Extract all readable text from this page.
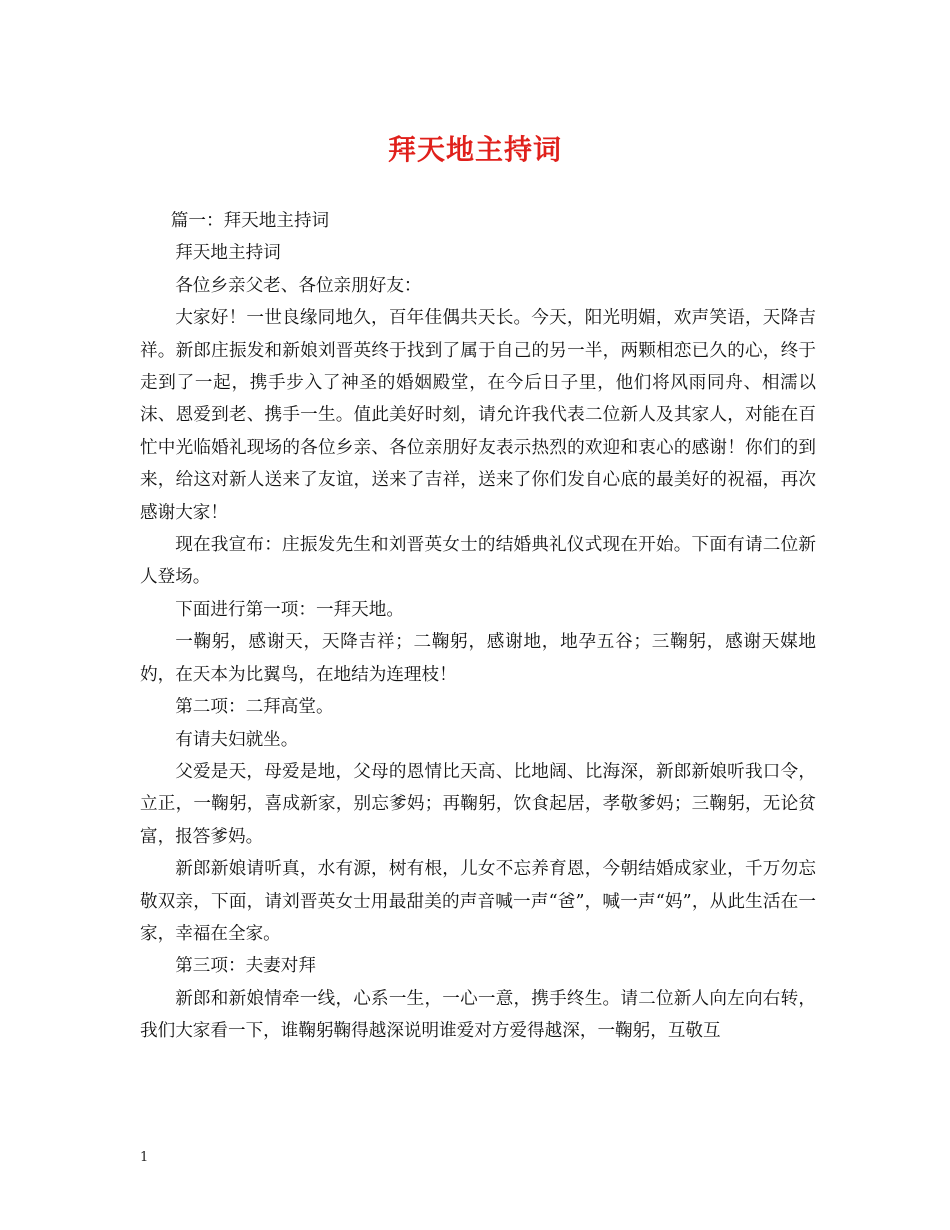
拜天地主持词

篇一：拜天地主持词

拜天地主持词

各位乡亲父老、各位亲朋好友：

大家好！一世良缘同地久，百年佳偶共天长。今天，阳光明媚，欢声笑语，天降吉祥。新郎庄振发和新娘刘晋英终于找到了属于自己的另一半，两颗相恋已久的心，终于走到了一起，携手步入了神圣的婚姻殿堂，在今后日子里，他们将风雨同舟、相濡以沫、恩爱到老、携手一生。值此美好时刻，请允许我代表二位新人及其家人，对能在百忙中光临婚礼现场的各位乡亲、各位亲朋好友表示热烈的欢迎和衷心的感谢！你们的到来，给这对新人送来了友谊，送来了吉祥，送来了你们发自心底的最美好的祝福，再次感谢大家！

现在我宣布：庄振发先生和刘晋英女士的结婚典礼仪式现在开始。下面有请二位新人登场。

下面进行第一项：一拜天地。

一鞠躬，感谢天，天降吉祥；二鞠躬，感谢地，地孕五谷；三鞠躬，感谢天媒地妁，在天本为比翼鸟，在地结为连理枝！

第二项：二拜高堂。

有请夫妇就坐。

父爱是天，母爱是地，父母的恩情比天高、比地阔、比海深，新郎新娘听我口令，立正，一鞠躬，喜成新家，别忘爹妈；再鞠躬，饮食起居，孝敬爹妈；三鞠躬，无论贫富，报答爹妈。

新郎新娘请听真，水有源，树有根，儿女不忘养育恩，今朝结婚成家业，千万勿忘敬双亲，下面，请刘晋英女士用最甜美的声音喊一声“爸”，喊一声“妈”，从此生活在一家，幸福在全家。

第三项：夫妻对拜

新郎和新娘情牵一线，心系一生，一心一意，携手终生。请二位新人向左向右转，我们大家看一下，谁鞠躬鞠得越深说明谁爱对方爱得越深，一鞠躬，互敬互

1
